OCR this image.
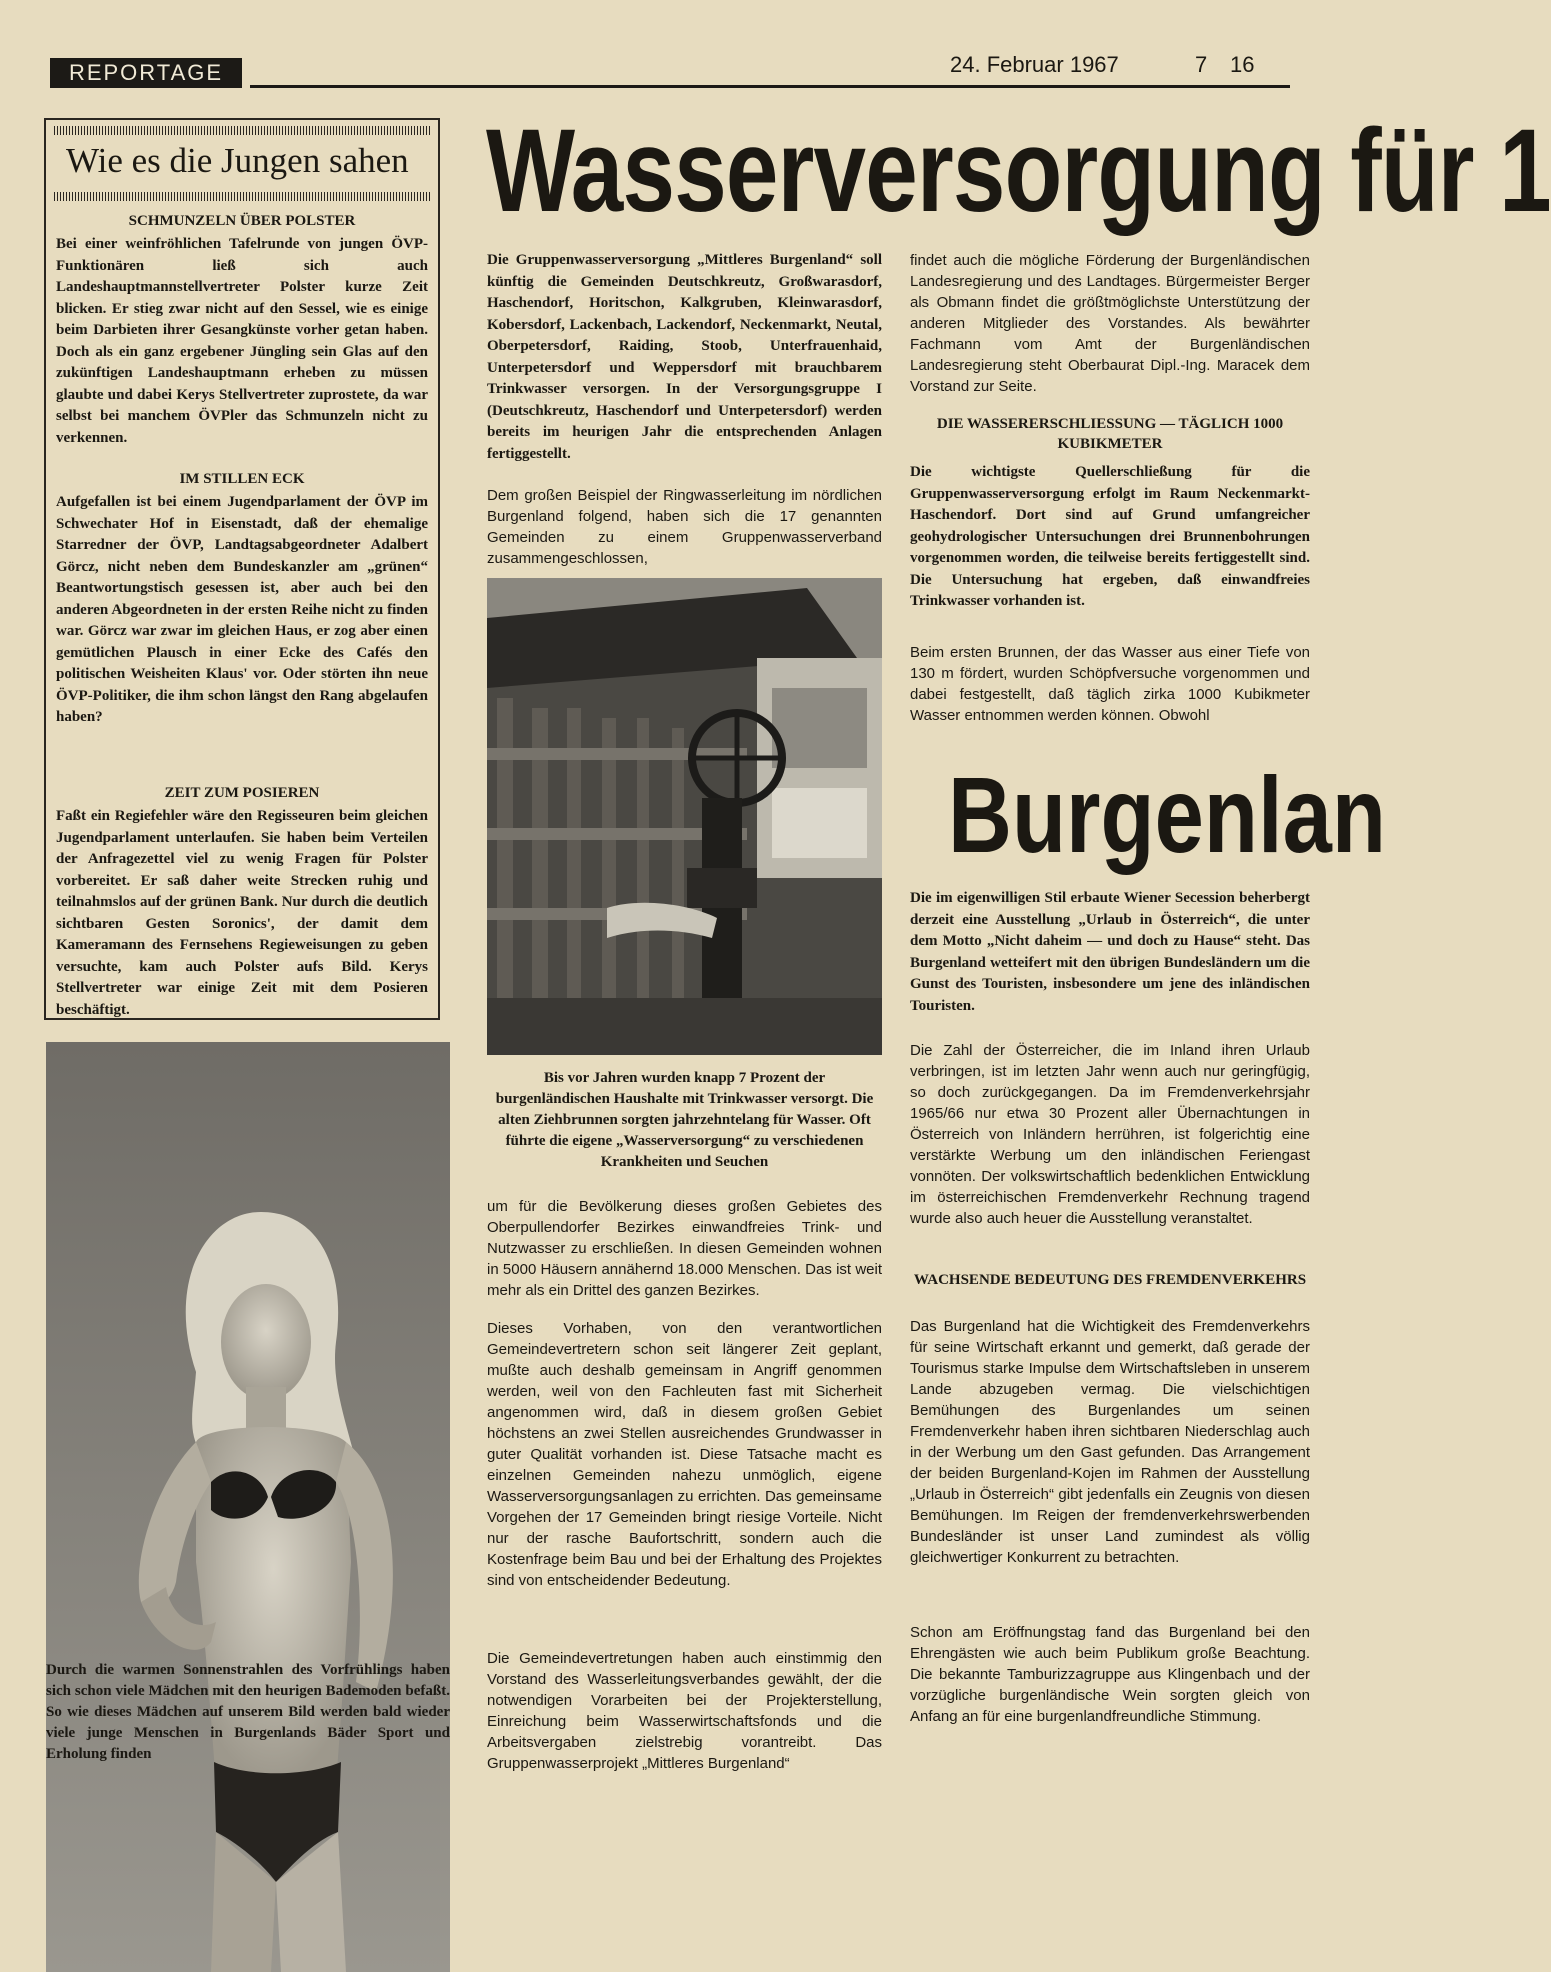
REPORTAGE	24. Februar 1967	7 16
Wie es die Jungen sahen
SCHMUNZELN ÜBER POLSTER
Bei einer weinfröhlichen Tafelrunde von jungen ÖVP-Funktionären ließ sich auch Landeshauptmannstellvertreter Polster kurze Zeit blicken. Er stieg zwar nicht auf den Sessel, wie es einige beim Darbieten ihrer Gesangkünste vorher getan haben. Doch als ein ganz ergebener Jüngling sein Glas auf den zukünftigen Landeshauptmann erheben zu müssen glaubte und dabei Kerys Stellvertreter zuprostete, da war selbst bei manchem ÖVPler das Schmunzeln nicht zu verkennen.
IM STILLEN ECK
Aufgefallen ist bei einem Jugendparlament der ÖVP im Schwechater Hof in Eisenstadt, daß der ehemalige Starredner der ÖVP, Landtagsabgeordneter Adalbert Görcz, nicht neben dem Bundeskanzler am „grünen“ Beantwortungstisch gesessen ist, aber auch bei den anderen Abgeordneten in der ersten Reihe nicht zu finden war. Görcz war zwar im gleichen Haus, er zog aber einen gemütlichen Plausch in einer Ecke des Cafés den politischen Weisheiten Klaus' vor. Oder störten ihn neue ÖVP-Politiker, die ihm schon längst den Rang abgelaufen haben?
ZEIT ZUM POSIEREN
Faßt ein Regiefehler wäre den Regisseuren beim gleichen Jugendparlament unterlaufen. Sie haben beim Verteilen der Anfragezettel viel zu wenig Fragen für Polster vorbereitet. Er saß daher weite Strecken ruhig und teilnahmslos auf der grünen Bank. Nur durch die deutlich sichtbaren Gesten Soronics', der damit dem Kameramann des Fernsehens Regieweisungen zu geben versuchte, kam auch Polster aufs Bild. Kerys Stellvertreter war einige Zeit mit dem Posieren beschäftigt.
Durch die warmen Sonnenstrahlen des Vorfrühlings haben sich schon viele Mädchen mit den heurigen Bademoden befaßt. So wie dieses Mädchen auf unserem Bild werden bald wieder viele junge Menschen in Burgenlands Bäder Sport und Erholung finden
Wasserversorgung für 1
Die Gruppenwasserversorgung „Mittleres Burgenland“ soll künftig die Gemeinden Deutschkreutz, Großwarasdorf, Haschendorf, Horitschon, Kalkgruben, Kleinwarasdorf, Kobersdorf, Lackenbach, Lackendorf, Neckenmarkt, Neutal, Oberpetersdorf, Raiding, Stoob, Unterfrauenhaid, Unterpetersdorf und Weppersdorf mit brauchbarem Trinkwasser versorgen. In der Versorgungsgruppe I (Deutschkreutz, Haschendorf und Unterpetersdorf) werden bereits im heurigen Jahr die entsprechenden Anlagen fertiggestellt.
Dem großen Beispiel der Ringwasserleitung im nördlichen Burgenland folgend, haben sich die 17 genannten Gemeinden zu einem Gruppenwasserverband zusammengeschlossen,
Bis vor Jahren wurden knapp 7 Prozent der burgenländischen Haushalte mit Trinkwasser versorgt. Die alten Ziehbrunnen sorgten jahrzehntelang für Wasser. Oft führte die eigene „Wasserversorgung“ zu verschiedenen Krankheiten und Seuchen
um für die Bevölkerung dieses großen Gebietes des Oberpullendorfer Bezirkes einwandfreies Trink- und Nutzwasser zu erschließen. In diesen Gemeinden wohnen in 5000 Häusern annähernd 18.000 Menschen. Das ist weit mehr als ein Drittel des ganzen Bezirkes.
Dieses Vorhaben, von den verantwortlichen Gemeindevertretern schon seit längerer Zeit geplant, mußte auch deshalb gemeinsam in Angriff genommen werden, weil von den Fachleuten fast mit Sicherheit angenommen wird, daß in diesem großen Gebiet höchstens an zwei Stellen ausreichendes Grundwasser in guter Qualität vorhanden ist. Diese Tatsache macht es einzelnen Gemeinden nahezu unmöglich, eigene Wasserversorgungsanlagen zu errichten. Das gemeinsame Vorgehen der 17 Gemeinden bringt riesige Vorteile. Nicht nur der rasche Baufortschritt, sondern auch die Kostenfrage beim Bau und bei der Erhaltung des Projektes sind von entscheidender Bedeutung.
Die Gemeindevertretungen haben auch einstimmig den Vorstand des Wasserleitungsverbandes gewählt, der die notwendigen Vorarbeiten bei der Projekterstellung, Einreichung beim Wasserwirtschaftsfonds und die Arbeitsvergaben zielstrebig vorantreibt. Das Gruppenwasserprojekt „Mittleres Burgenland“
findet auch die mögliche Förderung der Burgenländischen Landesregierung und des Landtages. Bürgermeister Berger als Obmann findet die größtmöglichste Unterstützung der anderen Mitglieder des Vorstandes. Als bewährter Fachmann vom Amt der Burgenländischen Landesregierung steht Oberbaurat Dipl.-Ing. Maracek dem Vorstand zur Seite.
DIE WASSERERSCHLIESSUNG — TÄGLICH 1000 KUBIKMETER
Die wichtigste Quellerschließung für die Gruppenwasserversorgung erfolgt im Raum Neckenmarkt-Haschendorf. Dort sind auf Grund umfangreicher geohydrologischer Untersuchungen drei Brunnenbohrungen vorgenommen worden, die teilweise bereits fertiggestellt sind. Die Untersuchung hat ergeben, daß einwandfreies Trinkwasser vorhanden ist.
Beim ersten Brunnen, der das Wasser aus einer Tiefe von 130 m fördert, wurden Schöpfversuche vorgenommen und dabei festgestellt, daß täglich zirka 1000 Kubikmeter Wasser entnommen werden können. Obwohl
Burgenlan
Die im eigenwilligen Stil erbaute Wiener Secession beherbergt derzeit eine Ausstellung „Urlaub in Österreich“, die unter dem Motto „Nicht daheim — und doch zu Hause“ steht. Das Burgenland wetteifert mit den übrigen Bundesländern um die Gunst des Touristen, insbesondere um jene des inländischen Touristen.
Die Zahl der Österreicher, die im Inland ihren Urlaub verbringen, ist im letzten Jahr wenn auch nur geringfügig, so doch zurückgegangen. Da im Fremdenverkehrsjahr 1965/66 nur etwa 30 Prozent aller Übernachtungen in Österreich von Inländern herrühren, ist folgerichtig eine verstärkte Werbung um den inländischen Feriengast vonnöten. Der volkswirtschaftlich bedenklichen Entwicklung im österreichischen Fremdenverkehr Rechnung tragend wurde also auch heuer die Ausstellung veranstaltet.
WACHSENDE BEDEUTUNG DES FREMDENVERKEHRS
Das Burgenland hat die Wichtigkeit des Fremdenverkehrs für seine Wirtschaft erkannt und gemerkt, daß gerade der Tourismus starke Impulse dem Wirtschaftsleben in unserem Lande abzugeben vermag. Die vielschichtigen Bemühungen des Burgenlandes um seinen Fremdenverkehr haben ihren sichtbaren Niederschlag auch in der Werbung um den Gast gefunden. Das Arrangement der beiden Burgenland-Kojen im Rahmen der Ausstellung „Urlaub in Österreich“ gibt jedenfalls ein Zeugnis von diesen Bemühungen. Im Reigen der fremdenverkehrswerbenden Bundesländer ist unser Land zumindest als völlig gleichwertiger Konkurrent zu betrachten.
Schon am Eröffnungstag fand das Burgenland bei den Ehrengästen wie auch beim Publikum große Beachtung. Die bekannte Tamburizzagruppe aus Klingenbach und der vorzügliche burgenländische Wein sorgten gleich von Anfang an für eine burgenlandfreundliche Stimmung.
